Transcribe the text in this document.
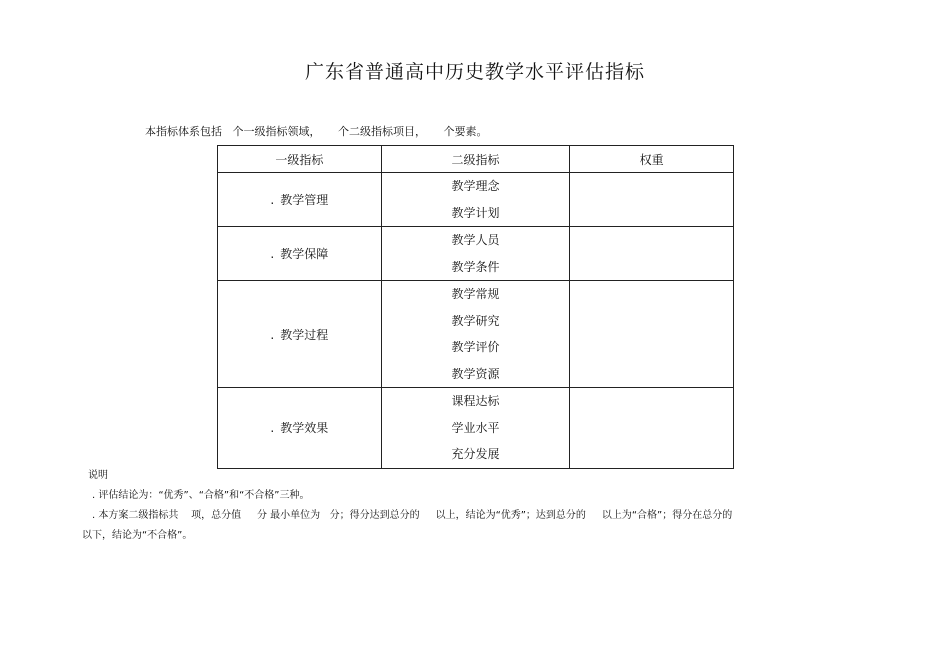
广东省普通高中历史教学水平评估指标
本指标体系包括   个一级指标领域，     个二级指标项目，     个要素。
一级指标	二级指标	权重
. 教学管理	教学理念
教学计划	

. 教学保障	教学人员
教学条件	

. 教学过程	教学常规
教学研究
教学评价
教学资源	

. 教学效果	课程达标
学业水平
充分发展	

说明
. 评估结论为：“优秀”、“合格”和“不合格”三种。
. 本方案二级指标共    项，总分值     分 最小单位为   分；得分达到总分的     以上，结论为“优秀”；达到总分的     以上为“合格”；得分在总分的
以下，结论为“不合格”。
